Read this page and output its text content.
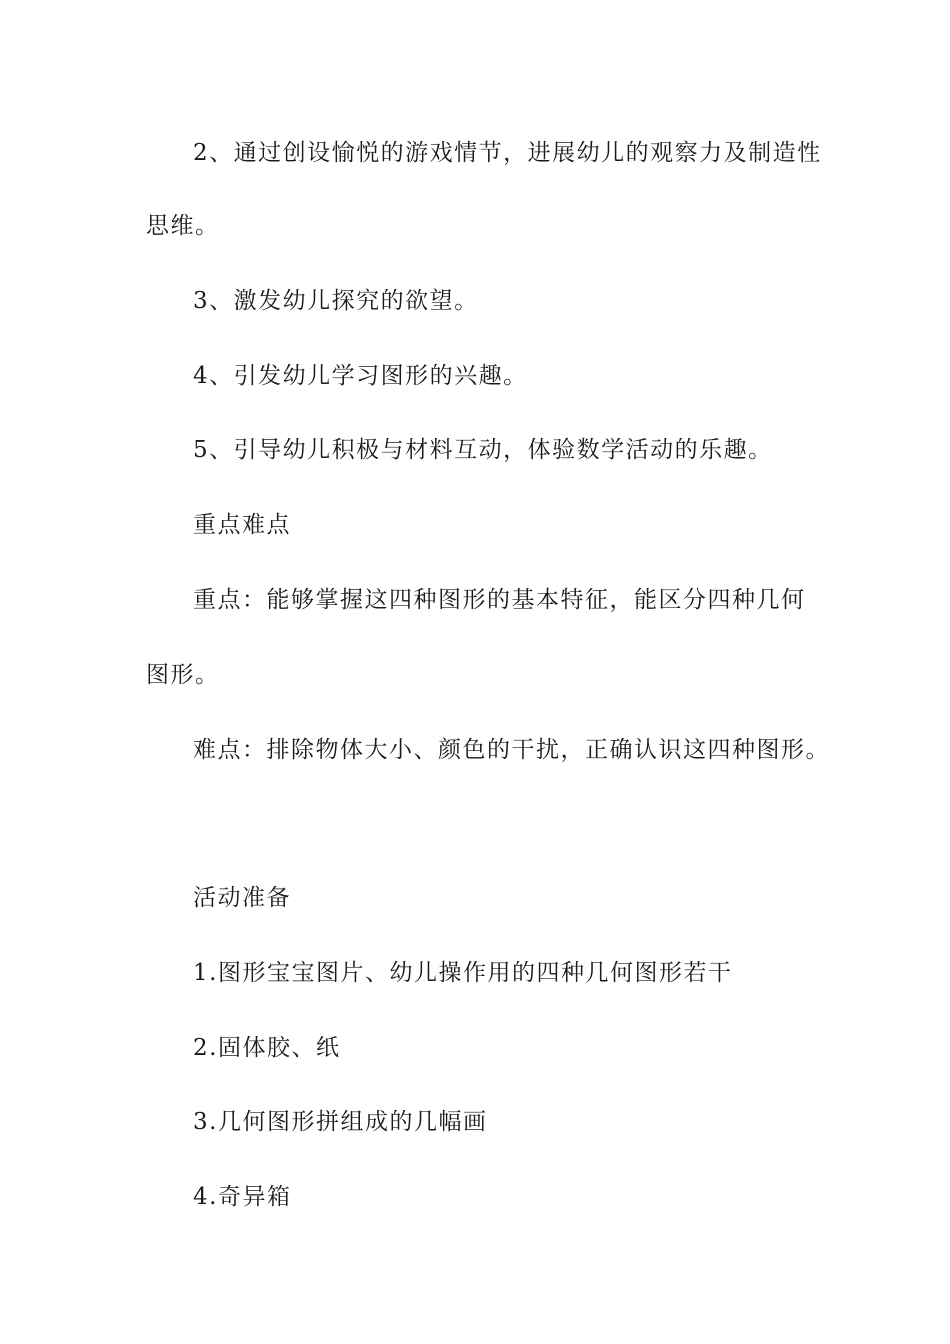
2、通过创设愉悦的游戏情节，进展幼儿的观察力及制造性
思维。
3、激发幼儿探究的欲望。
4、引发幼儿学习图形的兴趣。
5、引导幼儿积极与材料互动，体验数学活动的乐趣。
重点难点
重点：能够掌握这四种图形的基本特征，能区分四种几何
图形。
难点：排除物体大小、颜色的干扰，正确认识这四种图形。
活动准备
1.图形宝宝图片、幼儿操作用的四种几何图形若干
2.固体胶、纸
3.几何图形拼组成的几幅画
4.奇异箱
